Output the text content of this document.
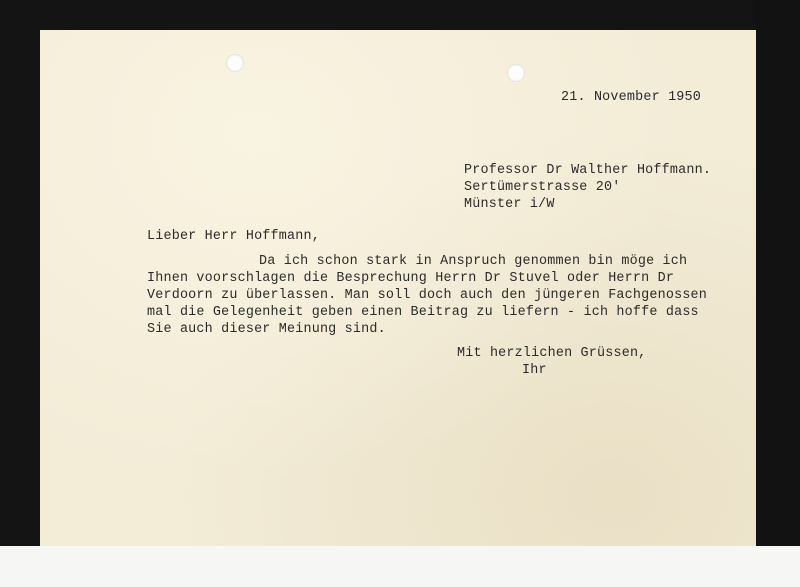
21. November 1950
Professor Dr Walther Hoffmann.
Sertümerstrasse 20'
Münster i/W
Lieber Herr Hoffmann,
Da ich schon stark in Anspruch genommen bin möge ich
Ihnen voorschlagen die Besprechung Herrn Dr Stuvel oder Herrn Dr
Verdoorn zu überlassen. Man soll doch auch den jüngeren Fachgenossen
mal die Gelegenheit geben einen Beitrag zu liefern - ich hoffe dass
Sie auch dieser Meinung sind.
Mit herzlichen Grüssen,
Ihr
